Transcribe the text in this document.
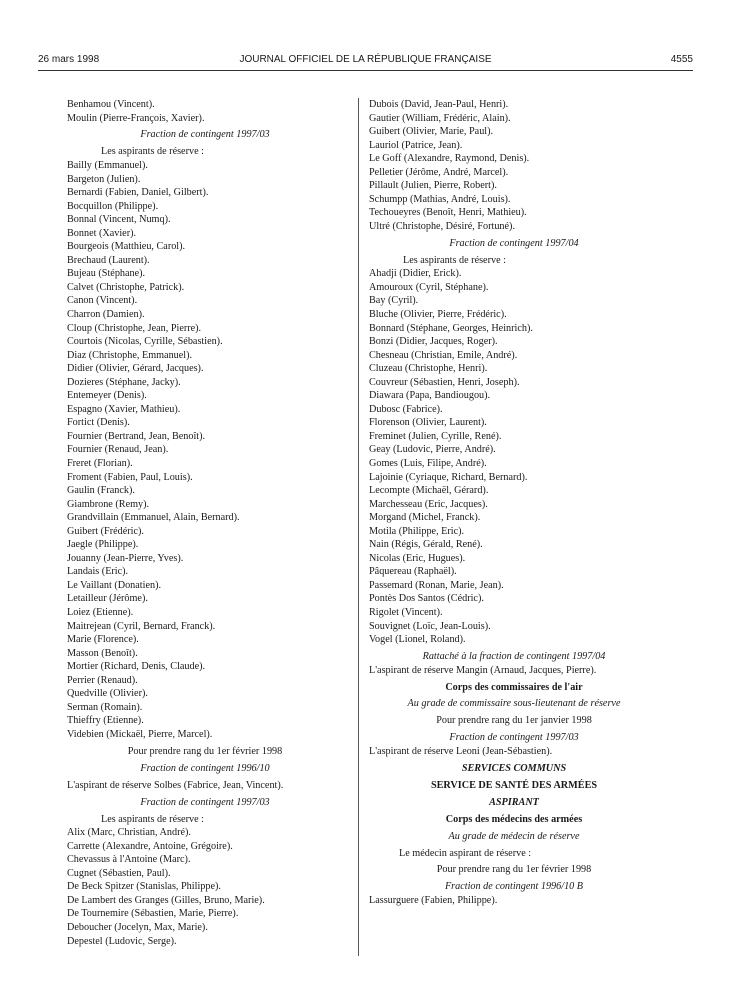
26 mars 1998	JOURNAL OFFICIEL DE LA RÉPUBLIQUE FRANÇAISE	4555
Benhamou (Vincent).
Moulin (Pierre-François, Xavier).
Fraction de contingent 1997/03
Les aspirants de réserve :
Bailly (Emmanuel).
Bargeton (Julien).
Bernardi (Fabien, Daniel, Gilbert).
Bocquillon (Philippe).
Bonnal (Vincent, Numq).
Bonnet (Xavier).
Bourgeois (Matthieu, Carol).
Brechaud (Laurent).
Bujeau (Stéphane).
Calvet (Christophe, Patrick).
Canon (Vincent).
Charron (Damien).
Cloup (Christophe, Jean, Pierre).
Courtois (Nicolas, Cyrille, Sébastien).
Diaz (Christophe, Emmanuel).
Didier (Olivier, Gérard, Jacques).
Dozieres (Stéphane, Jacky).
Entemeyer (Denis).
Espagno (Xavier, Mathieu).
Fortict (Denis).
Fournier (Bertrand, Jean, Benoît).
Fournier (Renaud, Jean).
Freret (Florian).
Froment (Fabien, Paul, Louis).
Gaulin (Franck).
Giambrone (Remy).
Grandvillain (Emmanuel, Alain, Bernard).
Guibert (Frédéric).
Jaegle (Philippe).
Jouanny (Jean-Pierre, Yves).
Landais (Eric).
Le Vaillant (Donatien).
Letailleur (Jérôme).
Loiez (Etienne).
Maitrejean (Cyril, Bernard, Franck).
Marie (Florence).
Masson (Benoît).
Mortier (Richard, Denis, Claude).
Perrier (Renaud).
Quedville (Olivier).
Serman (Romain).
Thieffry (Etienne).
Videbien (Mickaël, Pierre, Marcel).
Pour prendre rang du 1er février 1998
Fraction de contingent 1996/10
L'aspirant de réserve Solbes (Fabrice, Jean, Vincent).
Fraction de contingent 1997/03
Les aspirants de réserve :
Alix (Marc, Christian, André).
Carrette (Alexandre, Antoine, Grégoire).
Chevassus à l'Antoine (Marc).
Cugnet (Sébastien, Paul).
De Beck Spitzer (Stanislas, Philippe).
De Lambert des Granges (Gilles, Bruno, Marie).
De Tournemire (Sébastien, Marie, Pierre).
Deboucher (Jocelyn, Max, Marie).
Depestel (Ludovic, Serge).
Dubois (David, Jean-Paul, Henri).
Gautier (William, Frédéric, Alain).
Guibert (Olivier, Marie, Paul).
Lauriol (Patrice, Jean).
Le Goff (Alexandre, Raymond, Denis).
Pelletier (Jérôme, André, Marcel).
Pillault (Julien, Pierre, Robert).
Schumpp (Mathias, André, Louis).
Techoueyres (Benoît, Henri, Mathieu).
Ultré (Christophe, Désiré, Fortuné).
Fraction de contingent 1997/04
Les aspirants de réserve :
Ahadji (Didier, Erick).
Amouroux (Cyril, Stéphane).
Bay (Cyril).
Bluche (Olivier, Pierre, Frédéric).
Bonnard (Stéphane, Georges, Heinrich).
Bonzi (Didier, Jacques, Roger).
Chesneau (Christian, Emile, André).
Cluzeau (Christophe, Henri).
Couvreur (Sébastien, Henri, Joseph).
Diawara (Papa, Bandiougou).
Dubosc (Fabrice).
Florenson (Olivier, Laurent).
Freminet (Julien, Cyrille, René).
Geay (Ludovic, Pierre, André).
Gomes (Luis, Filipe, André).
Lajoinie (Cyriaque, Richard, Bernard).
Lecompte (Michaël, Gérard).
Marchesseau (Eric, Jacques).
Morgand (Michel, Franck).
Motila (Philippe, Eric).
Nain (Régis, Gérald, René).
Nicolas (Eric, Hugues).
Pâquereau (Raphaël).
Passemard (Ronan, Marie, Jean).
Pontès Dos Santos (Cédric).
Rigolet (Vincent).
Souvignet (Loïc, Jean-Louis).
Vogel (Lionel, Roland).
Rattaché à la fraction de contingent 1997/04
L'aspirant de réserve Mangin (Arnaud, Jacques, Pierre).
Corps des commissaires de l'air
Au grade de commissaire sous-lieutenant de réserve
Pour prendre rang du 1er janvier 1998
Fraction de contingent 1997/03
L'aspirant de réserve Leoni (Jean-Sébastien).
SERVICES COMMUNS
SERVICE DE SANTÉ DES ARMÉES
ASPIRANT
Corps des médecins des armées
Au grade de médecin de réserve
Le médecin aspirant de réserve :
Pour prendre rang du 1er février 1998
Fraction de contingent 1996/10 B
Lassurguere (Fabien, Philippe).
